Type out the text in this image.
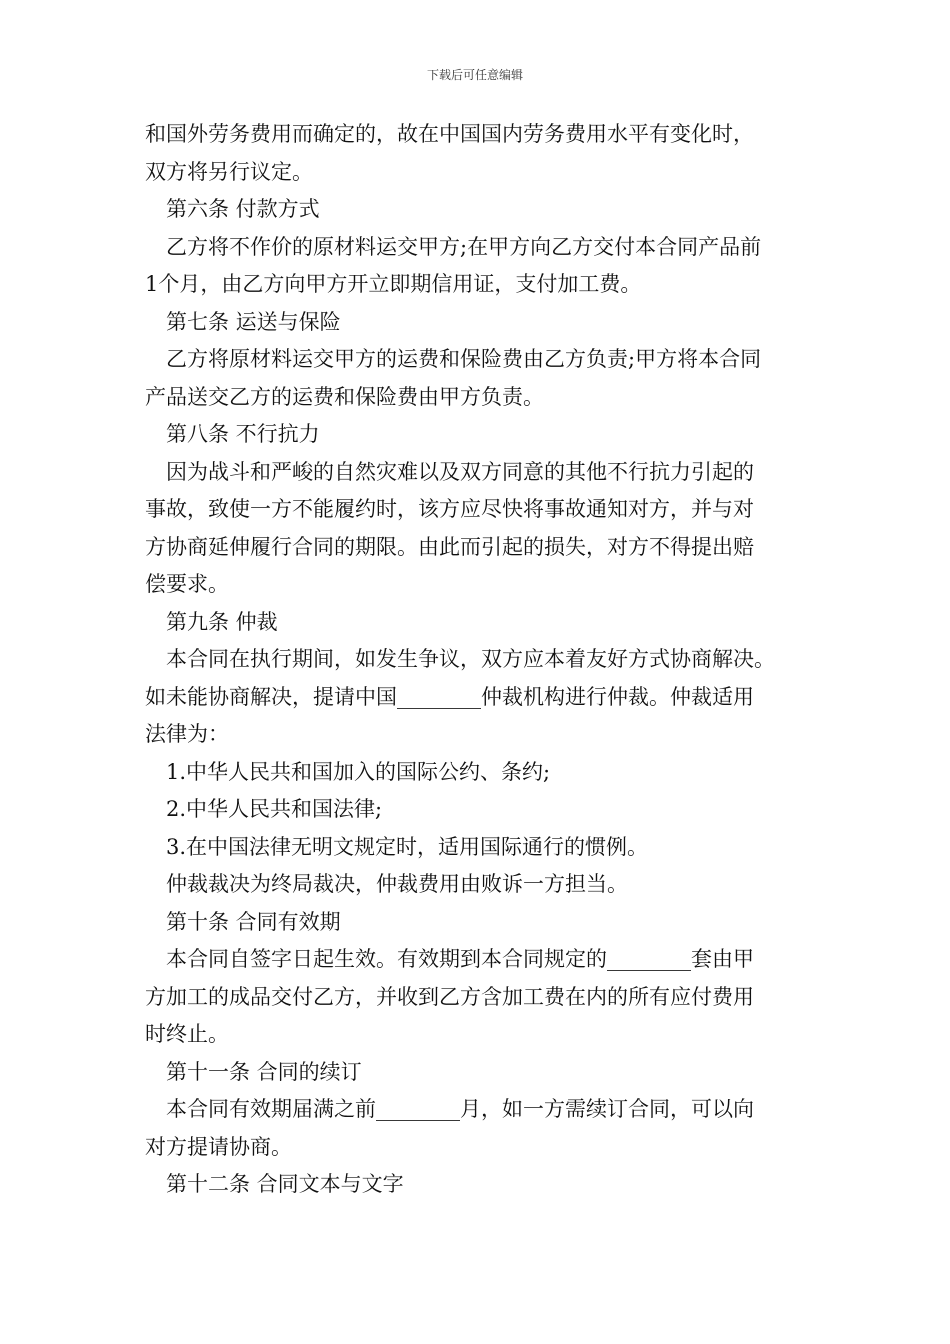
下载后可任意编辑
和国外劳务费用而确定的，故在中国国内劳务费用水平有变化时，
双方将另行议定。
第六条 付款方式
乙方将不作价的原材料运交甲方;在甲方向乙方交付本合同产品前
1个月，由乙方向甲方开立即期信用证，支付加工费。
第七条 运送与保险
乙方将原材料运交甲方的运费和保险费由乙方负责;甲方将本合同
产品送交乙方的运费和保险费由甲方负责。
第八条 不行抗力
因为战斗和严峻的自然灾难以及双方同意的其他不行抗力引起的
事故，致使一方不能履约时，该方应尽快将事故通知对方，并与对
方协商延伸履行合同的期限。由此而引起的损失，对方不得提出赔
偿要求。
第九条 仲裁
本合同在执行期间，如发生争议，双方应本着友好方式协商解决。
如未能协商解决，提请中国________仲裁机构进行仲裁。仲裁适用
法律为：
1.中华人民共和国加入的国际公约、条约;
2.中华人民共和国法律;
3.在中国法律无明文规定时，适用国际通行的惯例。
仲裁裁决为终局裁决，仲裁费用由败诉一方担当。
第十条 合同有效期
本合同自签字日起生效。有效期到本合同规定的________套由甲
方加工的成品交付乙方，并收到乙方含加工费在内的所有应付费用
时终止。
第十一条 合同的续订
本合同有效期届满之前________月，如一方需续订合同，可以向
对方提请协商。
第十二条 合同文本与文字
